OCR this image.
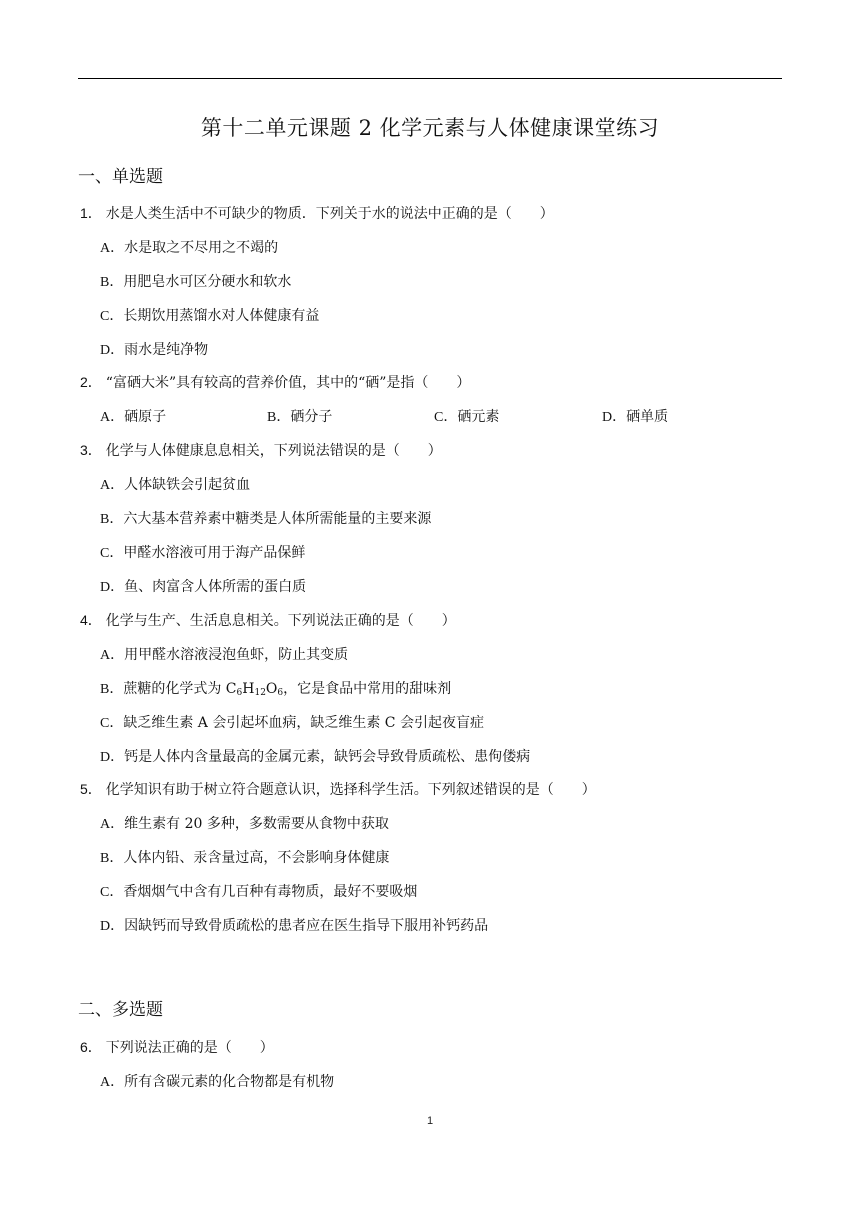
第十二单元课题 2 化学元素与人体健康课堂练习
一、单选题
1． 水是人类生活中不可缺少的物质．下列关于水的说法中正确的是（　　）
A．水是取之不尽用之不竭的
B．用肥皂水可区分硬水和软水
C．长期饮用蒸馏水对人体健康有益
D．雨水是纯净物
2． “富硒大米”具有较高的营养价值，其中的“硒”是指（　　）
A．硒原子	B．硒分子	C．硒元素	D．硒单质
3． 化学与人体健康息息相关，下列说法错误的是（　　）
A．人体缺铁会引起贫血
B．六大基本营养素中糖类是人体所需能量的主要来源
C．甲醛水溶液可用于海产品保鲜
D．鱼、肉富含人体所需的蛋白质
4． 化学与生产、生活息息相关。下列说法正确的是（　　）
A．用甲醛水溶液浸泡鱼虾，防止其变质
B．蔗糖的化学式为 $C_6H_{12}O_6$，它是食品中常用的甜味剂
C．缺乏维生素 A 会引起坏血病，缺乏维生素 C 会引起夜盲症
D．钙是人体内含量最高的金属元素，缺钙会导致骨质疏松、患佝偻病
5． 化学知识有助于树立符合题意认识，选择科学生活。下列叙述错误的是（　　）
A．维生素有 20 多种，多数需要从食物中获取
B．人体内铅、汞含量过高，不会影响身体健康
C．香烟烟气中含有几百种有毒物质，最好不要吸烟
D．因缺钙而导致骨质疏松的患者应在医生指导下服用补钙药品
二、多选题
6． 下列说法正确的是（　　）
A．所有含碳元素的化合物都是有机物
1
